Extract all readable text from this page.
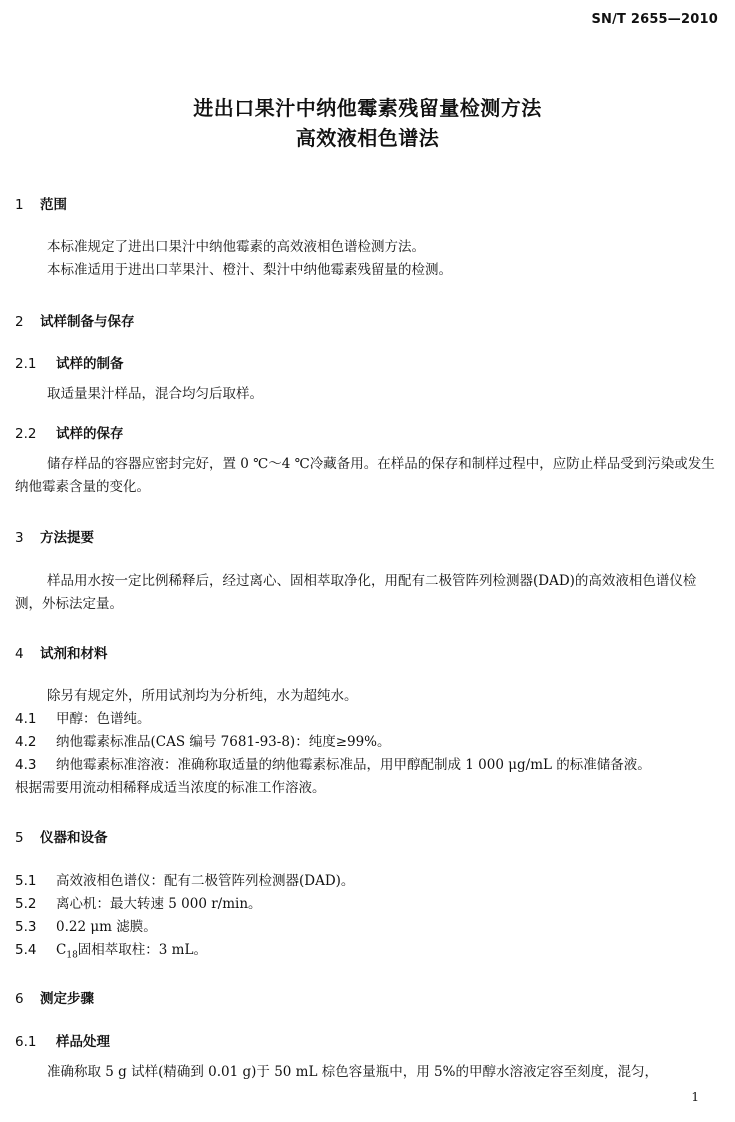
SN/T 2655—2010
进出口果汁中纳他霉素残留量检测方法
高效液相色谱法
1 范围
本标准规定了进出口果汁中纳他霉素的高效液相色谱检测方法。
本标准适用于进出口苹果汁、橙汁、梨汁中纳他霉素残留量的检测。
2 试样制备与保存
2.1 试样的制备
取适量果汁样品，混合均匀后取样。
2.2 试样的保存
储存样品的容器应密封完好，置 0 ℃～4 ℃冷藏备用。在样品的保存和制样过程中，应防止样品受到污染或发生纳他霉素含量的变化。
3 方法提要
样品用水按一定比例稀释后，经过离心、固相萃取净化，用配有二极管阵列检测器(DAD)的高效液相色谱仪检测，外标法定量。
4 试剂和材料
除另有规定外，所用试剂均为分析纯，水为超纯水。
4.1 甲醇：色谱纯。
4.2 纳他霉素标准品(CAS 编号 7681-93-8)：纯度≥99%。
4.3 纳他霉素标准溶液：准确称取适量的纳他霉素标准品，用甲醇配制成 1 000 μg/mL 的标准储备液。
根据需要用流动相稀释成适当浓度的标准工作溶液。
5 仪器和设备
5.1 高效液相色谱仪：配有二极管阵列检测器(DAD)。
5.2 离心机：最大转速 5 000 r/min。
5.3 0.22 μm 滤膜。
5.4 $C_{18}$固相萃取柱：3 mL。
6 测定步骤
6.1 样品处理
准确称取 5 g 试样(精确到 0.01 g)于 50 mL 棕色容量瓶中，用 5%的甲醇水溶液定容至刻度，混匀，
1
